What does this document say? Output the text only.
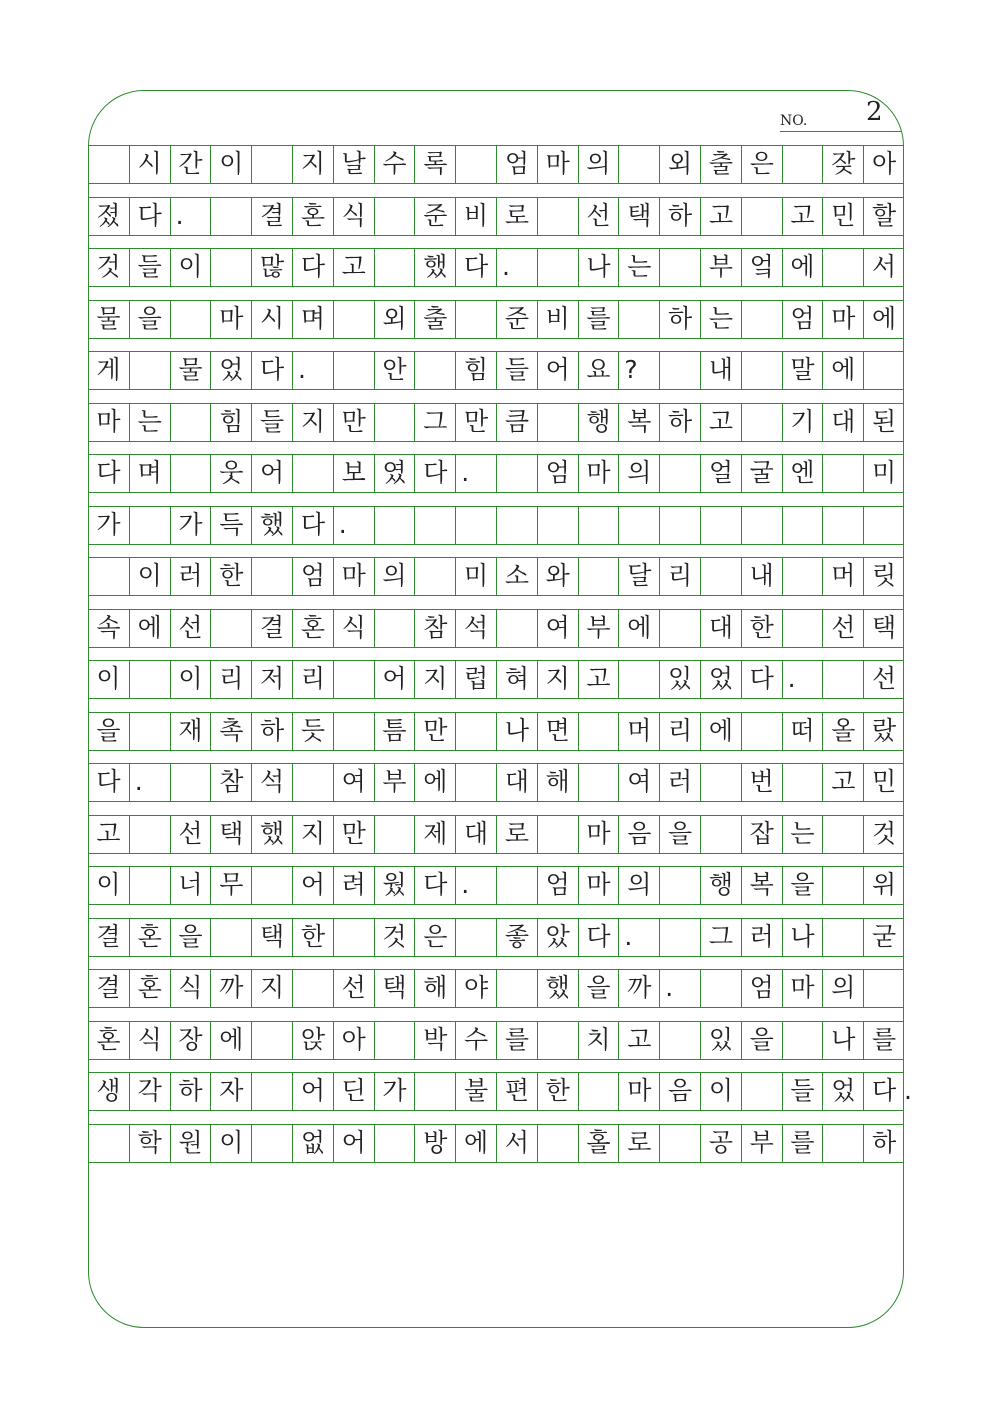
NO. 2
시 간 이	지 날 수 록	엄 마 의	외 출 은	잦 아
졌 다 .	결 혼 식	준 비 로	선 택 하 고	고 민 할
것 들 이	많 다 고	했 다 .	나 는	부 엌 에	서
물 을	마 시 며	외 출	준 비 를	하 는	엄 마 에
게	물 었 다 .	안	힘 들 어 요 ?	내	말 에
마 는	힘 들 지 만	그 만 큼	행 복 하 고	기 대 된
다 며	웃 어	보 였 다 .	엄 마 의	얼 굴 엔	미
가	가 득 했 다 .
이 러 한	엄 마 의	미 소 와	달 리	내	머 릿
속 에 선	결 혼 식	참 석	여 부 에	대 한	선 택
이	이 리 저 리	어 지 럽 혀 지 고	있 었 다 .	선
을	재 촉 하 듯	틈 만	나 면	머 리 에	떠 올 랐
다 .	참 석	여 부 에	대 해	여 러	번	고 민
고	선 택 했 지 만	제 대 로	마 음 을	잡 는	것
이	너 무	어 려 웠 다 .	엄 마 의	행 복 을	위
결 혼 을	택 한	것 은	좋 았 다 .	그 러 나	굳
결 혼 식 까 지	선 택 해 야	했 을 까 .	엄 마 의
혼 식 장 에	앉 아	박 수 를	치 고	있 을	나 를
생 각 하 자	어 딘 가	불 편 한	마 음 이	들 었 다 .
학 원 이	없 어	방 에 서	홀 로	공 부 를	하
